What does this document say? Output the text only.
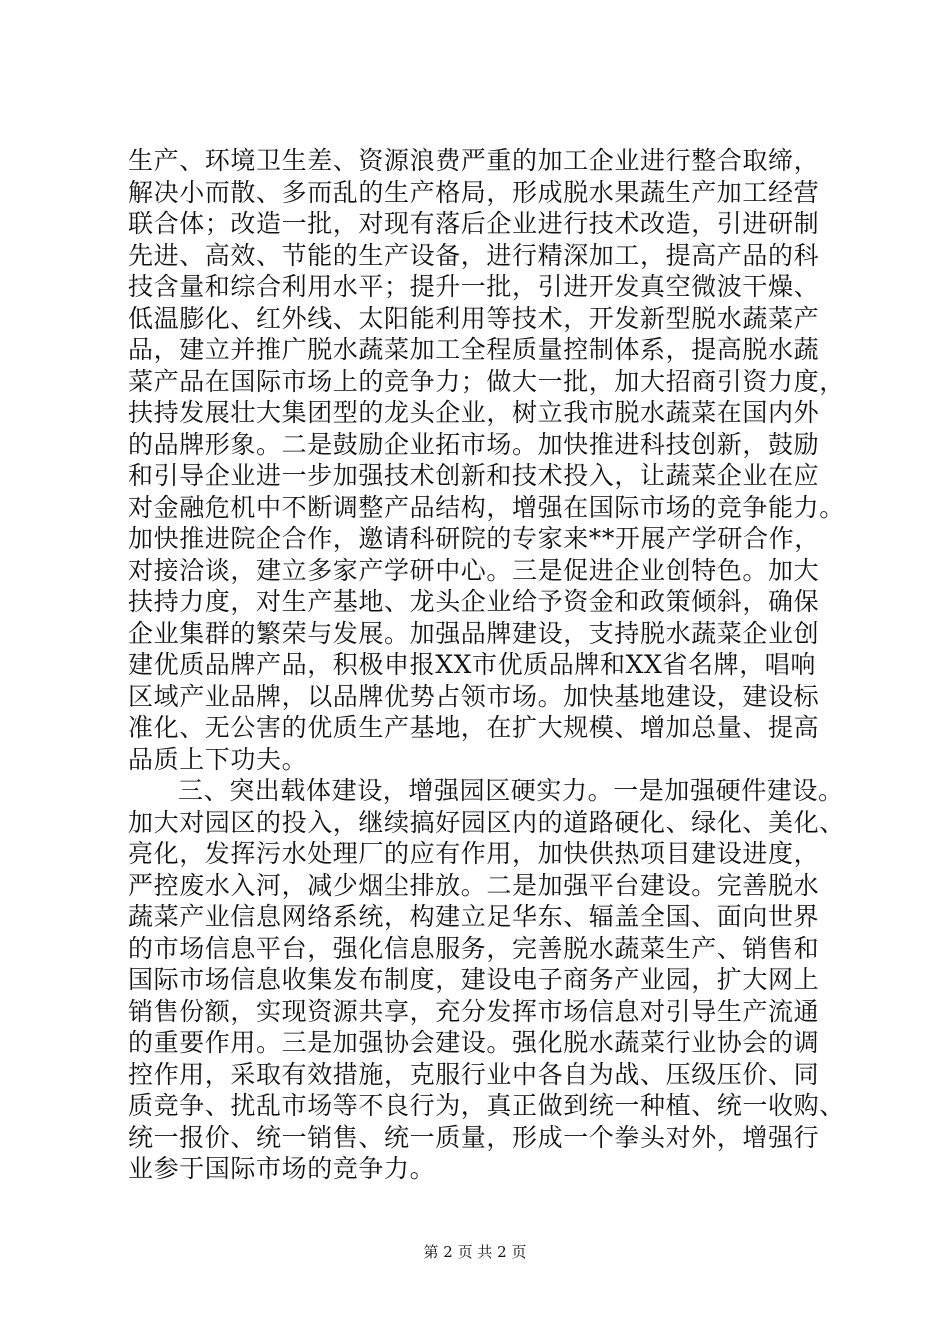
生产、环境卫生差、资源浪费严重的加工企业进行整合取缔，
解决小而散、多而乱的生产格局，形成脱水果蔬生产加工经营
联合体；改造一批，对现有落后企业进行技术改造，引进研制
先进、高效、节能的生产设备，进行精深加工，提高产品的科
技含量和综合利用水平；提升一批，引进开发真空微波干燥、
低温膨化、红外线、太阳能利用等技术，开发新型脱水蔬菜产
品，建立并推广脱水蔬菜加工全程质量控制体系，提高脱水蔬
菜产品在国际市场上的竞争力；做大一批，加大招商引资力度，
扶持发展壮大集团型的龙头企业，树立我市脱水蔬菜在国内外
的品牌形象。二是鼓励企业拓市场。加快推进科技创新，鼓励
和引导企业进一步加强技术创新和技术投入，让蔬菜企业在应
对金融危机中不断调整产品结构，增强在国际市场的竞争能力。
加快推进院企合作，邀请科研院的专家来**开展产学研合作，
对接洽谈，建立多家产学研中心。三是促进企业创特色。加大
扶持力度，对生产基地、龙头企业给予资金和政策倾斜，确保
企业集群的繁荣与发展。加强品牌建设，支持脱水蔬菜企业创
建优质品牌产品，积极申报XX市优质品牌和XX省名牌，唱响
区域产业品牌，以品牌优势占领市场。加快基地建设，建设标
准化、无公害的优质生产基地，在扩大规模、增加总量、提高
品质上下功夫。
三、突出载体建设，增强园区硬实力。一是加强硬件建设。
加大对园区的投入，继续搞好园区内的道路硬化、绿化、美化、
亮化，发挥污水处理厂的应有作用，加快供热项目建设进度，
严控废水入河，减少烟尘排放。二是加强平台建设。完善脱水
蔬菜产业信息网络系统，构建立足华东、辐盖全国、面向世界
的市场信息平台，强化信息服务，完善脱水蔬菜生产、销售和
国际市场信息收集发布制度，建设电子商务产业园，扩大网上
销售份额，实现资源共享，充分发挥市场信息对引导生产流通
的重要作用。三是加强协会建设。强化脱水蔬菜行业协会的调
控作用，采取有效措施，克服行业中各自为战、压级压价、同
质竞争、扰乱市场等不良行为，真正做到统一种植、统一收购、
统一报价、统一销售、统一质量，形成一个拳头对外，增强行
业参于国际市场的竞争力。
第 2 页 共 2 页
